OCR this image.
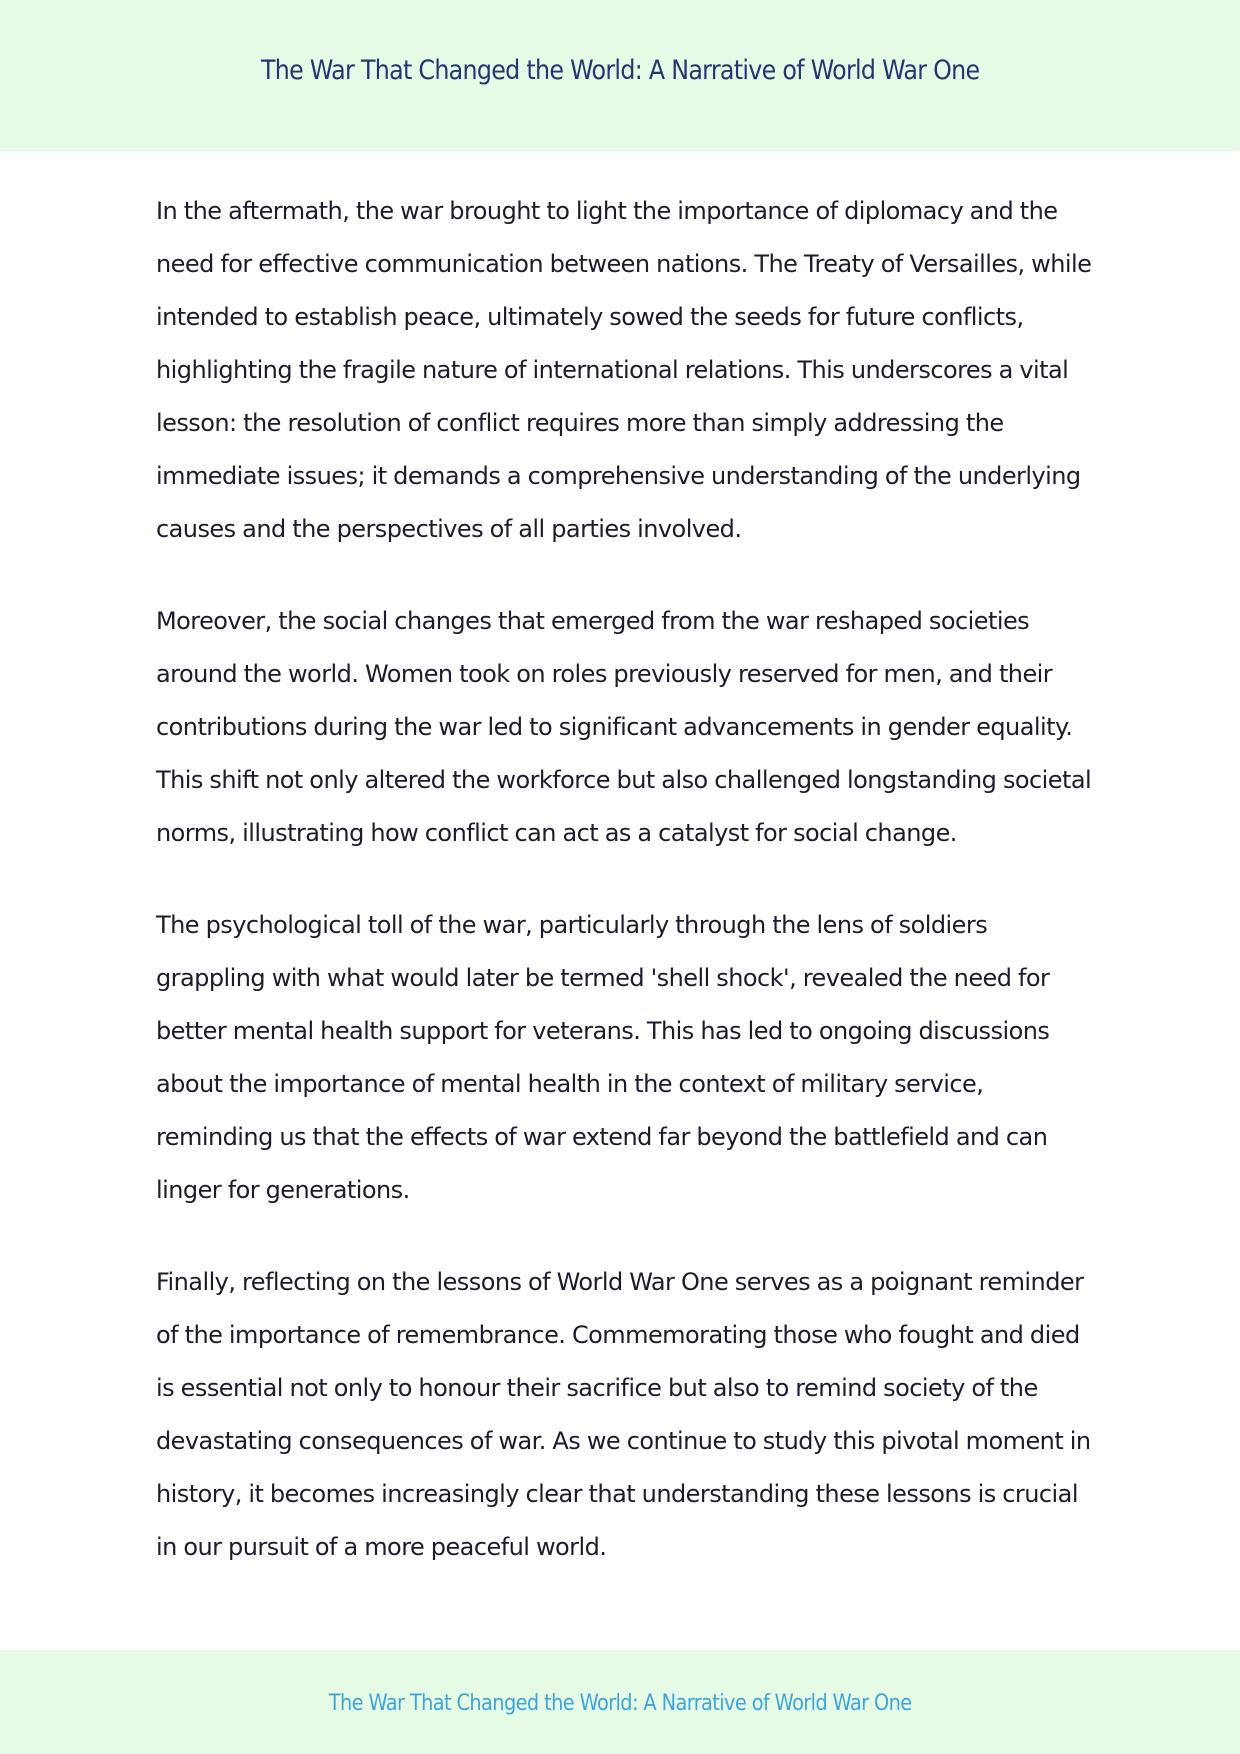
The War That Changed the World: A Narrative of World War One

In the aftermath, the war brought to light the importance of diplomacy and the need for effective communication between nations. The Treaty of Versailles, while intended to establish peace, ultimately sowed the seeds for future conflicts, highlighting the fragile nature of international relations. This underscores a vital lesson: the resolution of conflict requires more than simply addressing the immediate issues; it demands a comprehensive understanding of the underlying causes and the perspectives of all parties involved.

Moreover, the social changes that emerged from the war reshaped societies around the world. Women took on roles previously reserved for men, and their contributions during the war led to significant advancements in gender equality. This shift not only altered the workforce but also challenged longstanding societal norms, illustrating how conflict can act as a catalyst for social change.

The psychological toll of the war, particularly through the lens of soldiers grappling with what would later be termed 'shell shock', revealed the need for better mental health support for veterans. This has led to ongoing discussions about the importance of mental health in the context of military service, reminding us that the effects of war extend far beyond the battlefield and can linger for generations.

Finally, reflecting on the lessons of World War One serves as a poignant reminder of the importance of remembrance. Commemorating those who fought and died is essential not only to honour their sacrifice but also to remind society of the devastating consequences of war. As we continue to study this pivotal moment in history, it becomes increasingly clear that understanding these lessons is crucial in our pursuit of a more peaceful world.

The War That Changed the World: A Narrative of World War One
